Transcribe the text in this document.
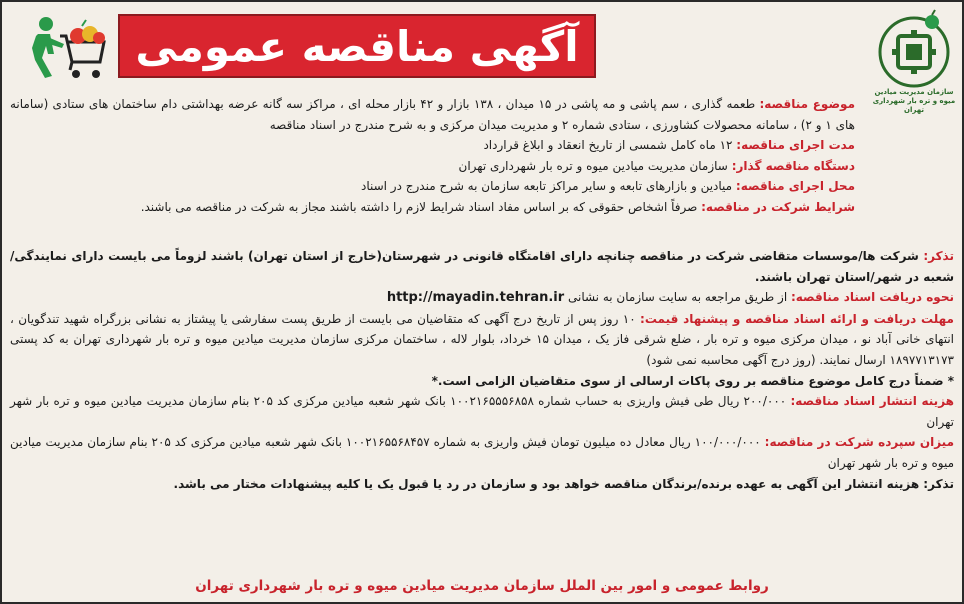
آگهی مناقصه عمومی
سازمان مدیریت میادین میوه و تره بار شهرداری تهران

موضوع مناقصه: طعمه گذاری ، سم پاشی و مه پاشی در ۱۵ میدان ، ۱۳۸ بازار و ۴۲ بازار محله ای ، مراکز سه گانه عرضه بهداشتی دام ساختمان های ستادی (سامانه های ۱ و ۲) ، سامانه محصولات کشاورزی ، ستادی شماره ۲ و مدیریت میدان مرکزی و به شرح مندرج در اسناد مناقصه

مدت اجرای مناقصه: ۱۲ ماه کامل شمسی از تاریخ انعقاد و ابلاغ قرارداد

دستگاه مناقصه گذار: سازمان مدیریت میادین میوه و تره بار شهرداری تهران

محل اجرای مناقصه: میادین و بازارهای تابعه و سایر مراکز تابعه سازمان به شرح مندرج در اسناد

شرایط شرکت در مناقصه: صرفاً اشخاص حقوقی که بر اساس مفاد اسناد شرایط لازم را داشته باشند مجاز به شرکت در مناقصه می باشند.

تذکر: شرکت ها/موسسات متقاضی شرکت در مناقصه چنانچه دارای اقامتگاه قانونی در شهرستان(خارج از استان تهران) باشند لزوماً می بایست دارای نمایندگی/شعبه در شهر/استان تهران باشند.

نحوه دریافت اسناد مناقصه: از طریق مراجعه به سایت سازمان به نشانی http://mayadin.tehran.ir

مهلت دریافت و ارائه اسناد مناقصه و پیشنهاد قیمت: ۱۰ روز پس از تاریخ درج آگهی که متقاضیان می بایست از طریق پست سفارشی یا پیشتاز به نشانی بزرگراه شهید تندگویان ، انتهای خانی آباد نو ، میدان مرکزی میوه و تره بار ، ضلع شرقی فاز یک ، میدان ۱۵ خرداد، بلوار لاله ، ساختمان مرکزی سازمان مدیریت میادین میوه و تره بار شهرداری تهران به کد پستی ۱۸۹۷۷۱۳۱۷۳ ارسال نمایند. (روز درج آگهی محاسبه نمی شود)

* ضمناً درج کامل موضوع مناقصه بر روی پاکات ارسالی از سوی متقاضیان الزامی است.*

هزینه انتشار اسناد مناقصه: ۲۰۰/۰۰۰ ریال طی فیش واریزی به حساب شماره ۱۰۰۲۱۶۵۵۵۶۸۵۸ بانک شهر شعبه میادین مرکزی کد ۲۰۵ بنام سازمان مدیریت میادین میوه و تره بار شهر تهران

میزان سپرده شرکت در مناقصه: ۱۰۰/۰۰۰/۰۰۰ ریال معادل ده میلیون تومان فیش واریزی به شماره ۱۰۰۲۱۶۵۵۶۸۴۵۷ بانک شهر شعبه میادین مرکزی کد ۲۰۵ بنام سازمان مدیریت میادین میوه و تره بار شهر تهران

تذکر: هزینه انتشار این آگهی به عهده برنده/برندگان مناقصه خواهد بود و سازمان در رد یا قبول یک یا کلیه پیشنهادات مختار می باشد.

روابط عمومی و امور بین الملل سازمان مدیریت میادین میوه و تره بار شهرداری تهران
